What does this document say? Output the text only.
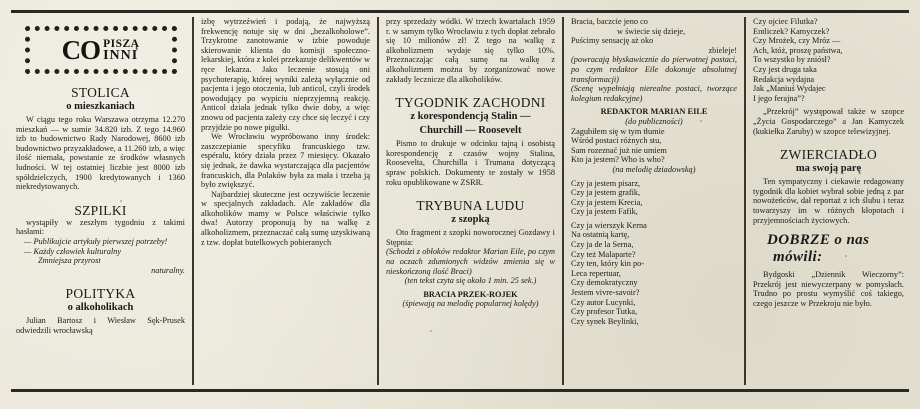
CO PISZĄ
INNI
STOLICA
o mieszkaniach

W ciągu tego roku Warszawa otrzyma 12.270 mieszkań — w sumie 34.820 izb. Z tego 14.960 izb to budownictwo Rady Narodowej, 8600 izb budownictwo przyzakładowe, a 11.260 izb, a więc ilość niemała, powstanie ze środków własnych ludności. W tej ostatniej liczbie jest 8000 izb spółdzielczych, 1900 kredytowanych i 1360 niekredytowanych.

SZPILKI

wystąpiły w zeszłym tygodniu z takimi hasłami:

— Publikujcie artykuły pierwszej potrzeby!

— Każdy człowiek kulturalny

Zmniejsza przyrost

naturalny.

POLITYKA
o alkoholikach

Julian Bartosz i Wiesław Sęk-Prusek odwiedzili wrocławską

izbę wytrzeźwień i podają, że najwyższą frekwencję notuje się w dni „bezalkoholowe”. Trzykrotne zanotowanie w izbie powoduje skierowanie klienta do komisji społeczno-lekarskiej, która z kolei przekazuje delikwentów w ręce lekarza. Jako leczenie stosują oni psychoterapię, której wyniki zależą wyłącznie od pacjenta i jego otoczenia, lub anticol, czyli środek powodujący po wypiciu nieprzyjemną reakcję. Anticol działa jednak tylko dwie doby, a więc znowu od pacjenta zależy czy chce się leczyć i czy przyjdzie po nowe pigułki.

We Wrocławiu wypróbowano inny środek: zaszczepianie specyfiku francuskiego tzw. espéralu, który działa przez 7 miesięcy. Okazało się jednak, że dawka wystarczająca dla pacjentów francuskich, dla Polaków była za mała i trzeba ją było zwiększyć.

Najbardziej skuteczne jest oczywiście leczenie w specjalnych zakładach. Ale zakładów dla alkoholików mamy w Polsce właściwie tylko dwa! Autorzy proponują by na walkę z alkoholizmem, przeznaczać całą sumę uzyskiwaną z tzw. dopłat butelkowych pobieranych

przy sprzedaży wódki. W trzech kwartałach 1959 r. w samym tylko Wrocławiu z tych dopłat zebrało się 10 milionów zł! Z tego na walkę z alkoholizmem wydaje się tylko 10%. Przeznaczając całą sumę na walkę z alkoholizmem można by zorganizować nowe zakłady lecznicze dla alkoholików.

TYGODNIK ZACHODNI
z korespondencją Stalin —
Churchill — Roosevelt

Pismo to drukuje w odcinku tajną i osobistą korespondencję z czasów wojny Stalina, Roosevelta, Churchilla i Trumana dotyczącą spraw polskich. Dokumenty te zostały w 1958 roku opublikowane w ZSRR.

TRYBUNA LUDU
z szopką

Oto fragment z szopki noworocznej Gozdawy i Stępnia:

(Schodzi z obłoków redaktor Marian Eile, po czym na oczach zdumionych widzów zmienia się w nieskończoną ilość Braci)

(ten tekst czyta się około 1 min. 25 sek.)

BRACIA PRZEK-ROJEK

(śpiewają na melodię popularnej kolędy)

Bracia, baczcie jeno co

w świecie się dzieje,

Puścimy sensację aż oko

zbieleje!

(powracają błyskawicznie do pierwotnej postaci, po czym redaktor Eile dokonuje absolutnej transformacji)

(Scenę wypełniają nierealne postaci, tworzące kolegium redakcyjne)

REDAKTOR MARIAN EILE

(do publiczności)

Zagubiłem się w tym tłumie

Wśród postaci różnych stu,

Sam rozeznać już nie umiem

Kto ja jestem? Who is who?

(na melodię dziadowską)

Czy ja jestem pisarz,

Czy ja jestem grafik,

Czy ja jestem Krecia,

Czy ja jestem Fafik,

Czy ja wierszyk Kerna

Na ostatnią kartę,

Czy ja de la Serna,

Czy też Malaparte?

Czy ten, który kin po-

Leca repertuar,

Czy demokratyczny

Jestem vivre-savoir?

Czy autor Lucynki,

Czy profesor Tutka,

Czy synek Beylinki,

Czy ojciec Filutka?

Entliczek? Kamyczek?

Czy Mrożek, czy Mróz —

Ach, któż, proszę państwa,

To wszystko by zniósł?

Czy jest druga taka

Redakcja wydajna

Jak „Maniuś Wydajec

I jego ferajna”?

„Przekrój” występował także w szopce „Życia Gospodarczego” a Jan Kamyczek (kukiełka Zaruby) w szopce telewizyjnej.

ZWIERCIADŁO
ma swoją parę

Ten sympatyczny i ciekawie redagowany tygodnik dla kobiet wybrał sobie jedną z par nowożeńców, dał reportaż z ich ślubu i teraz towarzyszy im w różnych kłopotach i przyjemnościach życiowych.

DOBRZE o nas
mówili:

Bydgoski „Dziennik Wieczorny”: Przekrój jest niewyczerpany w pomysłach. Trudno po prostu wymyślić coś takiego, czego jeszcze w Przekroju nie było.
